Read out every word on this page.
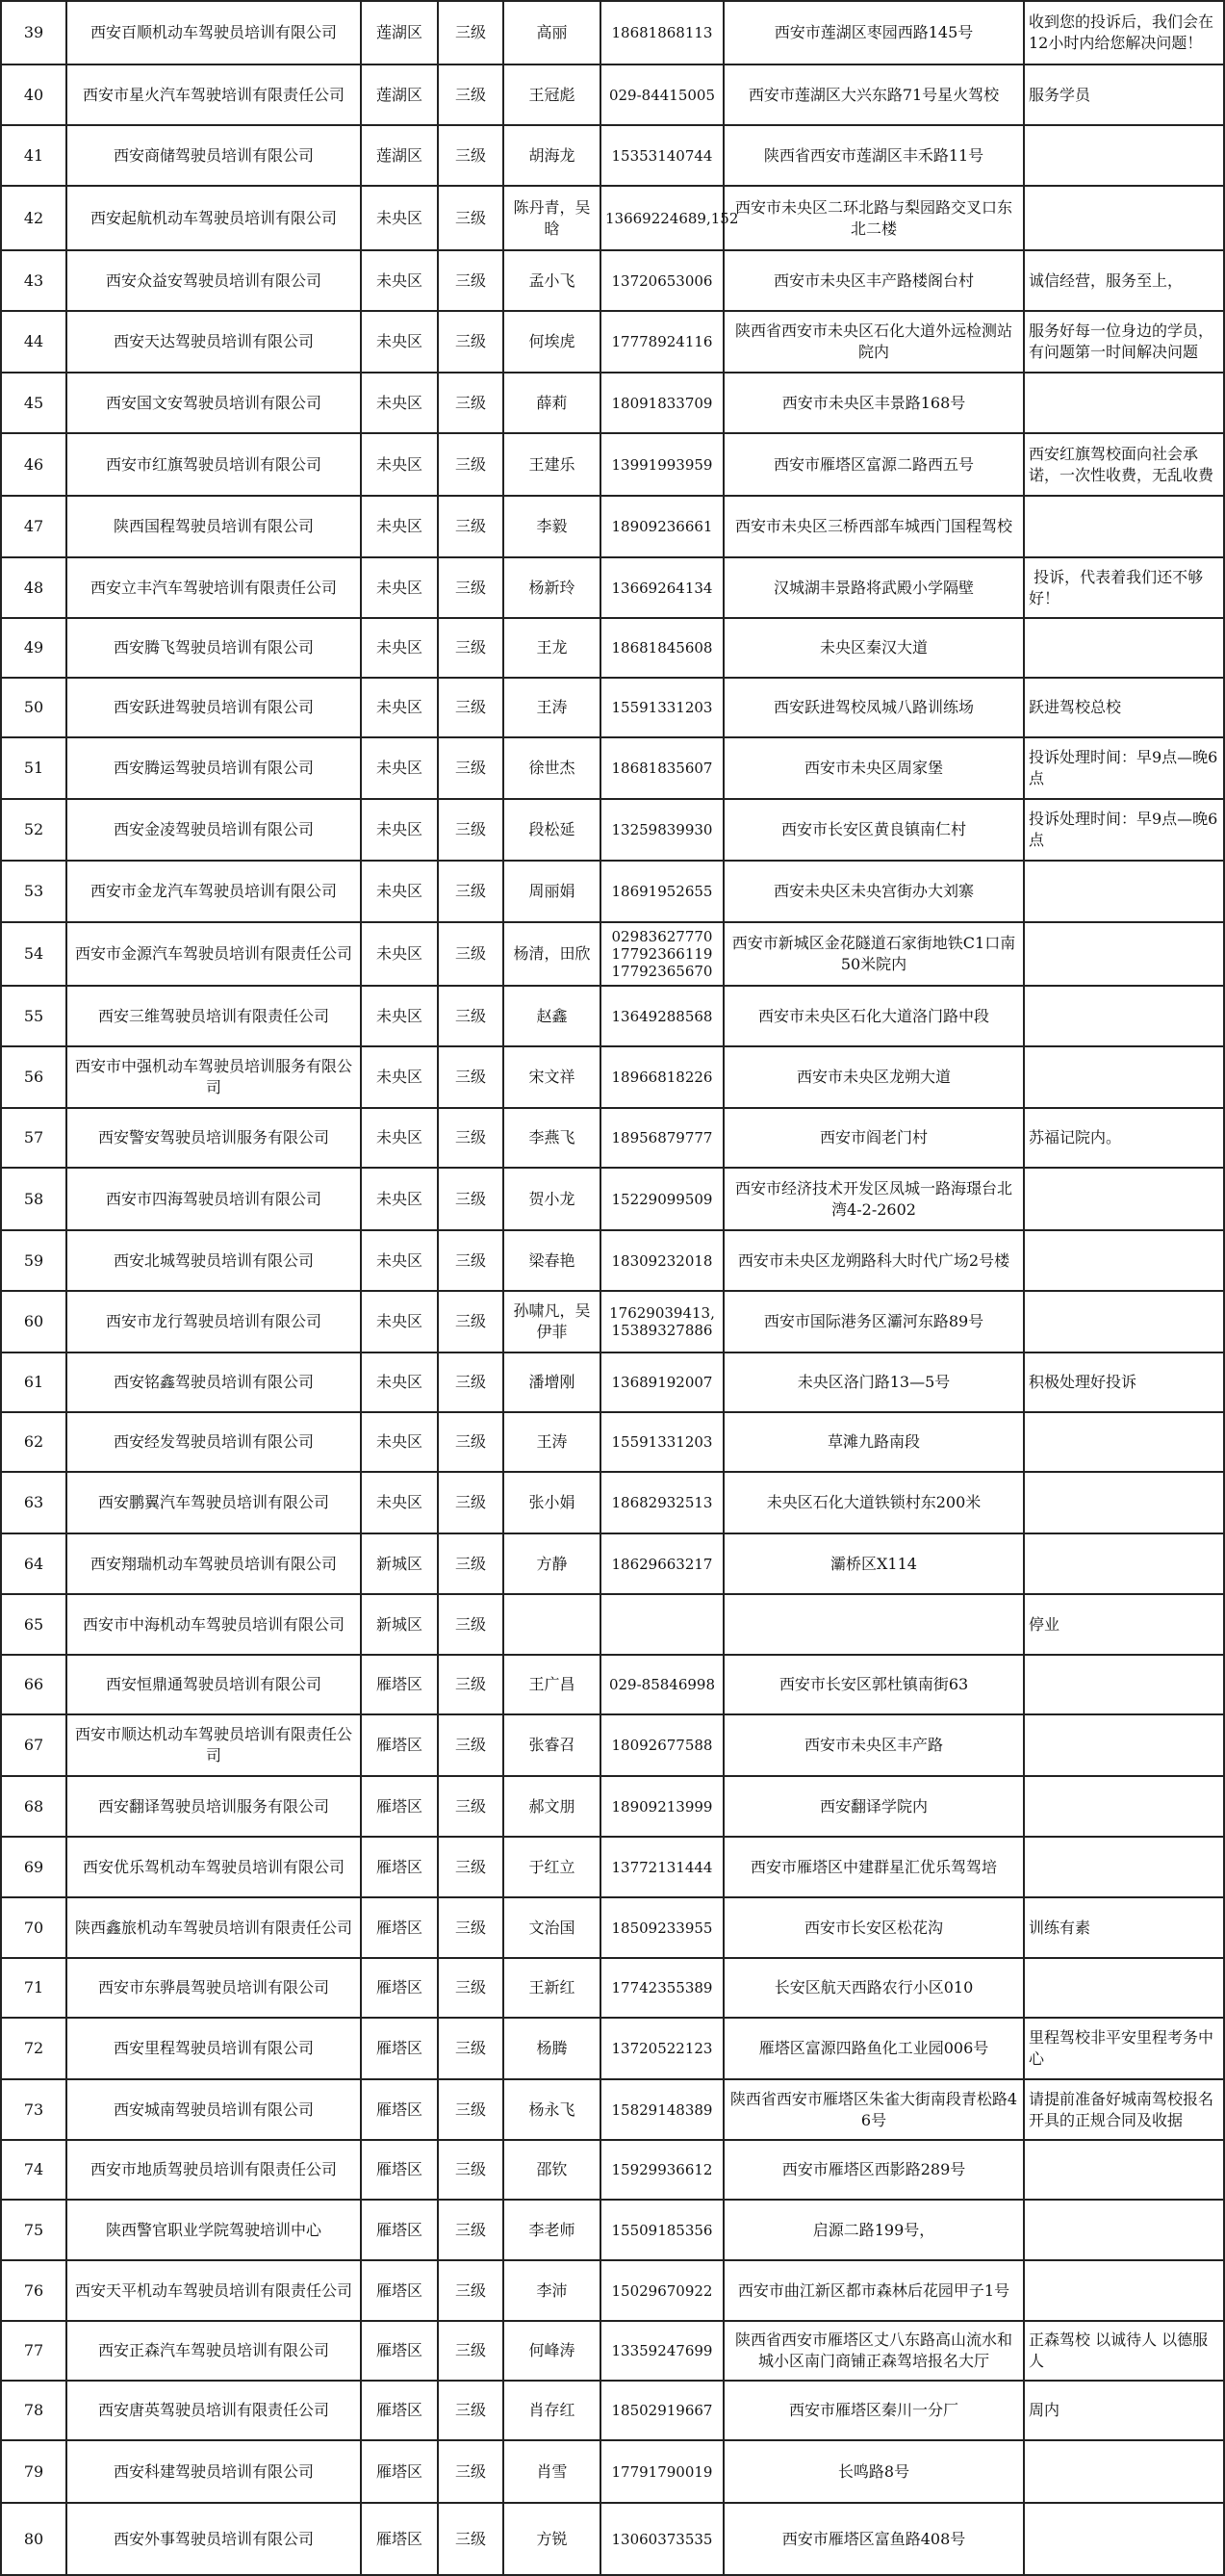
39	西安百顺机动车驾驶员培训有限公司	莲湖区	三级	高丽	18681868113	西安市莲湖区枣园西路145号	收到您的投诉后，我们会在
12小时内给您解决问题！
40	西安市星火汽车驾驶培训有限责任公司	莲湖区	三级	王冠彪	029-84415005	西安市莲湖区大兴东路71号星火驾校	服务学员
41	西安商储驾驶员培训有限公司	莲湖区	三级	胡海龙	15353140744	陕西省西安市莲湖区丰禾路11号	
42	西安起航机动车驾驶员培训有限公司	未央区	三级	陈丹青，吴晗	13669224689,152	西安市未央区二环北路与梨园路交叉口东北二楼	
43	西安众益安驾驶员培训有限公司	未央区	三级	孟小飞	13720653006	西安市未央区丰产路楼阁台村	诚信经营，服务至上，
44	西安天达驾驶员培训有限公司	未央区	三级	何埃虎	17778924116	陕西省西安市未央区石化大道外远检测站院内	服务好每一位身边的学员，
有问题第一时间解决问题
45	西安国文安驾驶员培训有限公司	未央区	三级	薛莉	18091833709	西安市未央区丰景路168号	
46	西安市红旗驾驶员培训有限公司	未央区	三级	王建乐	13991993959	西安市雁塔区富源二路西五号	西安红旗驾校面向社会承
诺，一次性收费，无乱收费
47	陕西国程驾驶员培训有限公司	未央区	三级	李毅	18909236661	西安市未央区三桥西部车城西门国程驾校	
48	西安立丰汽车驾驶培训有限责任公司	未央区	三级	杨新玲	13669264134	汉城湖丰景路将武殿小学隔壁	投诉，代表着我们还不够
好！
49	西安腾飞驾驶员培训有限公司	未央区	三级	王龙	18681845608	未央区秦汉大道	
50	西安跃进驾驶员培训有限公司	未央区	三级	王涛	15591331203	西安跃进驾校凤城八路训练场	跃进驾校总校
51	西安腾运驾驶员培训有限公司	未央区	三级	徐世杰	18681835607	西安市未央区周家堡	投诉处理时间：早9点—晚6
点
52	西安金凌驾驶员培训有限公司	未央区	三级	段松延	13259839930	西安市长安区黄良镇南仁村	投诉处理时间：早9点—晚6
点
53	西安市金龙汽车驾驶员培训有限公司	未央区	三级	周丽娟	18691952655	西安未央区未央宫街办大刘寨	
54	西安市金源汽车驾驶员培训有限责任公司	未央区	三级	杨清，田欣	02983627770
17792366119
17792365670	西安市新城区金花隧道石家街地铁C1口南50米院内	
55	西安三维驾驶员培训有限责任公司	未央区	三级	赵鑫	13649288568	西安市未央区石化大道洛门路中段	
56	西安市中强机动车驾驶员培训服务有限公司	未央区	三级	宋文祥	18966818226	西安市未央区龙朔大道	
57	西安警安驾驶员培训服务有限公司	未央区	三级	李燕飞	18956879777	西安市阎老门村	苏福记院内。
58	西安市四海驾驶员培训有限公司	未央区	三级	贺小龙	15229099509	西安市经济技术开发区凤城一路海璟台北湾4-2-2602	
59	西安北城驾驶员培训有限公司	未央区	三级	梁春艳	18309232018	西安市未央区龙朔路科大时代广场2号楼	
60	西安市龙行驾驶员培训有限公司	未央区	三级	孙啸凡，吴伊菲	17629039413,
15389327886	西安市国际港务区灞河东路89号	
61	西安铭鑫驾驶员培训有限公司	未央区	三级	潘增刚	13689192007	未央区洛门路13—5号	积极处理好投诉
62	西安经发驾驶员培训有限公司	未央区	三级	王涛	15591331203	草滩九路南段	
63	西安鹏翼汽车驾驶员培训有限公司	未央区	三级	张小娟	18682932513	未央区石化大道铁锁村东200米	
64	西安翔瑞机动车驾驶员培训有限公司	新城区	三级	方静	18629663217	灞桥区X114	
65	西安市中海机动车驾驶员培训有限公司	新城区	三级				停业
66	西安恒鼎通驾驶员培训有限公司	雁塔区	三级	王广昌	029-85846998	西安市长安区郭杜镇南街63	
67	西安市顺达机动车驾驶员培训有限责任公司	雁塔区	三级	张睿召	18092677588	西安市未央区丰产路	
68	西安翻译驾驶员培训服务有限公司	雁塔区	三级	郝文朋	18909213999	西安翻译学院内	
69	西安优乐驾机动车驾驶员培训有限公司	雁塔区	三级	于红立	13772131444	西安市雁塔区中建群星汇优乐驾驾培	
70	陕西鑫旅机动车驾驶员培训有限责任公司	雁塔区	三级	文治国	18509233955	西安市长安区松花沟	训练有素
71	西安市东骅晨驾驶员培训有限公司	雁塔区	三级	王新红	17742355389	长安区航天西路农行小区010	
72	西安里程驾驶员培训有限公司	雁塔区	三级	杨腾	13720522123	雁塔区富源四路鱼化工业园006号	里程驾校非平安里程考务中
心
73	西安城南驾驶员培训有限公司	雁塔区	三级	杨永飞	15829148389	陕西省西安市雁塔区朱雀大街南段青松路46号	请提前准备好城南驾校报名
开具的正规合同及收据
74	西安市地质驾驶员培训有限责任公司	雁塔区	三级	邵钦	15929936612	西安市雁塔区西影路289号	
75	陕西警官职业学院驾驶培训中心	雁塔区	三级	李老师	15509185356	启源二路199号，	
76	西安天平机动车驾驶员培训有限责任公司	雁塔区	三级	李沛	15029670922	西安市曲江新区都市森林后花园甲子1号	
77	西安正森汽车驾驶员培训有限公司	雁塔区	三级	何峰涛	13359247699	陕西省西安市雁塔区丈八东路高山流水和城小区南门商铺正森驾培报名大厅	正森驾校 以诚待人 以德服
人
78	西安唐英驾驶员培训有限责任公司	雁塔区	三级	肖存红	18502919667	西安市雁塔区秦川一分厂	周内
79	西安科建驾驶员培训有限公司	雁塔区	三级	肖雪	17791790019	长鸣路8号	
80	西安外事驾驶员培训有限公司	雁塔区	三级	方锐	13060373535	西安市雁塔区富鱼路408号	
